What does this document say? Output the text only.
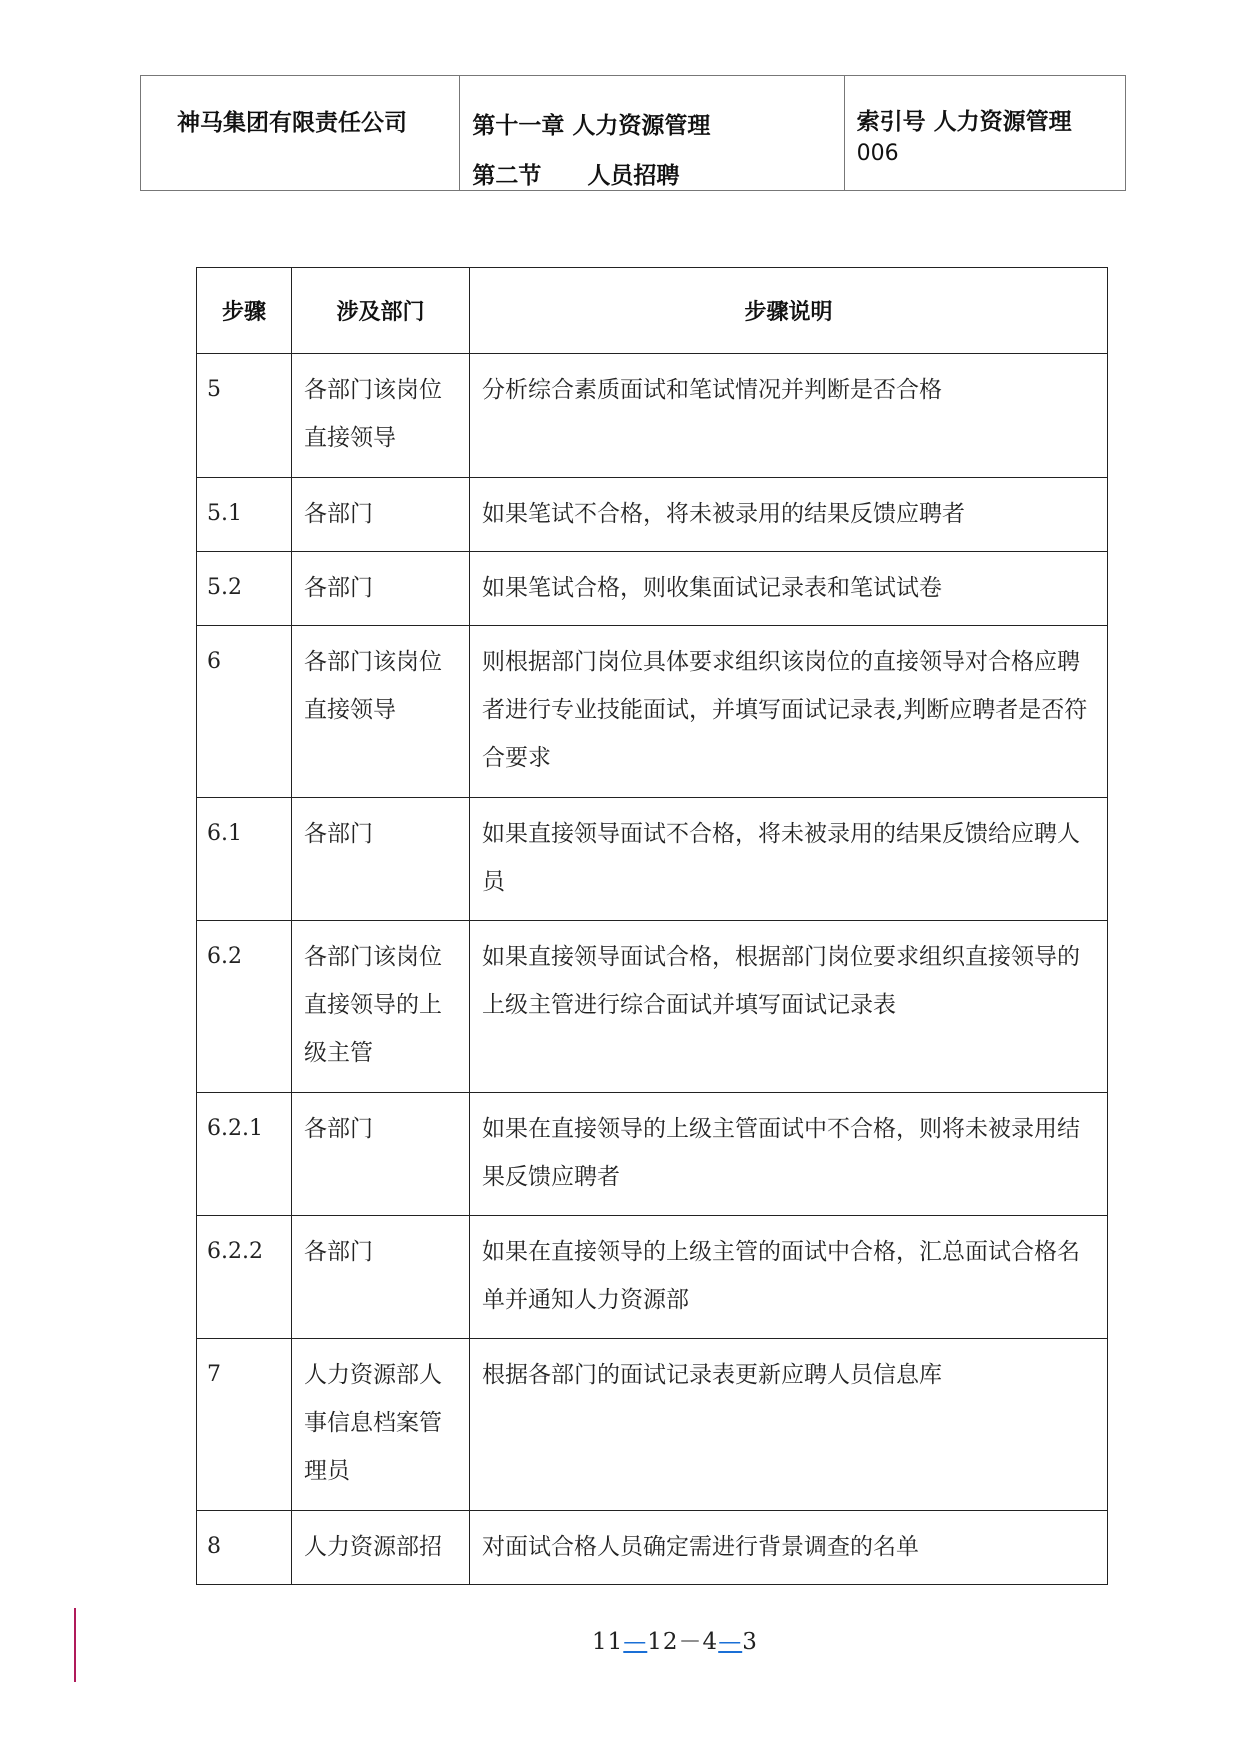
神马集团有限责任公司	第十一章 人力资源管理
第二节 人员招聘
索引号 人力资源管理
006
步骤	涉及部门	步骤说明
5	各部门该岗位直接领导	分析综合素质面试和笔试情况并判断是否合格
5.1	各部门	如果笔试不合格，将未被录用的结果反馈应聘者
5.2	各部门	如果笔试合格，则收集面试记录表和笔试试卷
6	各部门该岗位直接领导	则根据部门岗位具体要求组织该岗位的直接领导对合格应聘者进行专业技能面试，并填写面试记录表,判断应聘者是否符合要求
6.1	各部门	如果直接领导面试不合格，将未被录用的结果反馈给应聘人员
6.2	各部门该岗位直接领导的上级主管	如果直接领导面试合格，根据部门岗位要求组织直接领导的上级主管进行综合面试并填写面试记录表
6.2.1	各部门	如果在直接领导的上级主管面试中不合格，则将未被录用结果反馈应聘者
6.2.2	各部门	如果在直接领导的上级主管的面试中合格，汇总面试合格名单并通知人力资源部
7	人力资源部人事信息档案管理员	根据各部门的面试记录表更新应聘人员信息库
8	人力资源部招	对面试合格人员确定需进行背景调查的名单
11—12－4—3
